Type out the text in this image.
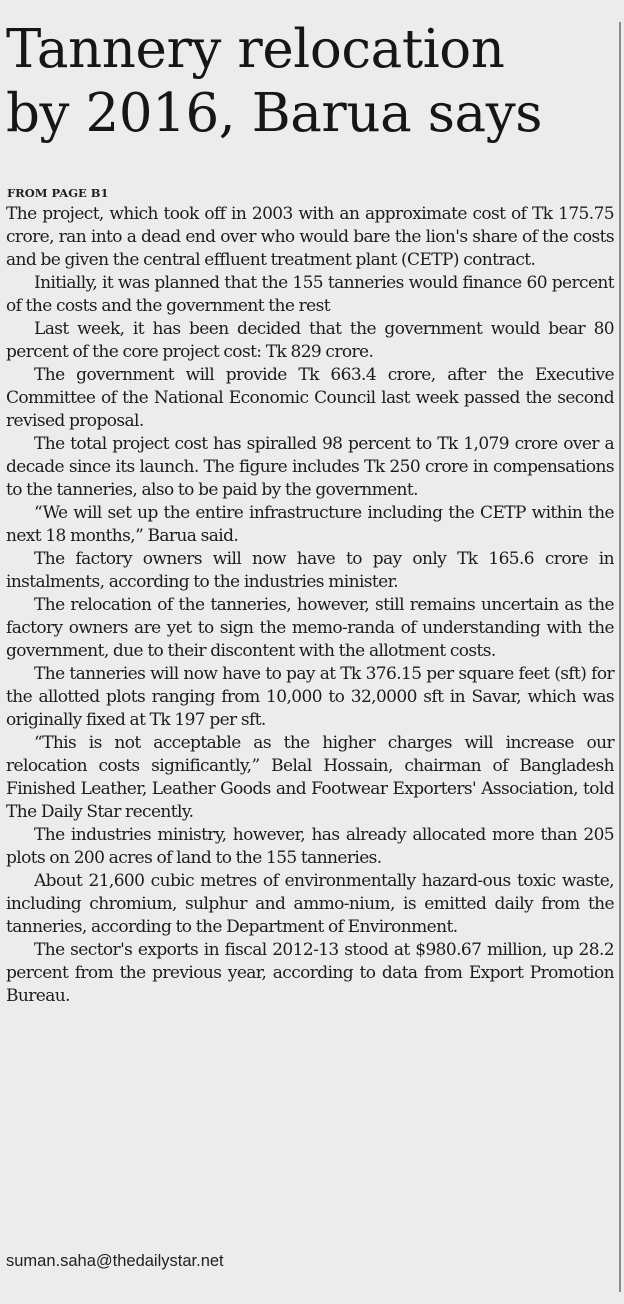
Tannery relocation
by 2016, Barua says

FROM PAGE B1

The project, which took off in 2003 with an approximate cost of Tk 175.75 crore, ran into a dead end over who would bare the lion's share of the costs and be given the central effluent treatment plant (CETP) contract.

Initially, it was planned that the 155 tanneries would finance 60 percent of the costs and the government the rest

Last week, it has been decided that the government would bear 80 percent of the core project cost: Tk 829 crore.

The government will provide Tk 663.4 crore, after the Executive Committee of the National Economic Council last week passed the second revised proposal.

The total project cost has spiralled 98 percent to Tk 1,079 crore over a decade since its launch. The figure includes Tk 250 crore in compensations to the tanneries, also to be paid by the government.

“We will set up the entire infrastructure including the CETP within the next 18 months,” Barua said.

The factory owners will now have to pay only Tk 165.6 crore in instalments, according to the industries minister.

The relocation of the tanneries, however, still remains uncertain as the factory owners are yet to sign the memo-randa of understanding with the government, due to their discontent with the allotment costs.

The tanneries will now have to pay at Tk 376.15 per square feet (sft) for the allotted plots ranging from 10,000 to 32,0000 sft in Savar, which was originally fixed at Tk 197 per sft.

“This is not acceptable as the higher charges will increase our relocation costs significantly,” Belal Hossain, chairman of Bangladesh Finished Leather, Leather Goods and Footwear Exporters' Association, told The Daily Star recently.

The industries ministry, however, has already allocated more than 205 plots on 200 acres of land to the 155 tanneries.

About 21,600 cubic metres of environmentally hazard-ous toxic waste, including chromium, sulphur and ammo-nium, is emitted daily from the tanneries, according to the Department of Environment.

The sector's exports in fiscal 2012-13 stood at $980.67 million, up 28.2 percent from the previous year, according to data from Export Promotion Bureau.

suman.saha@thedailystar.net
